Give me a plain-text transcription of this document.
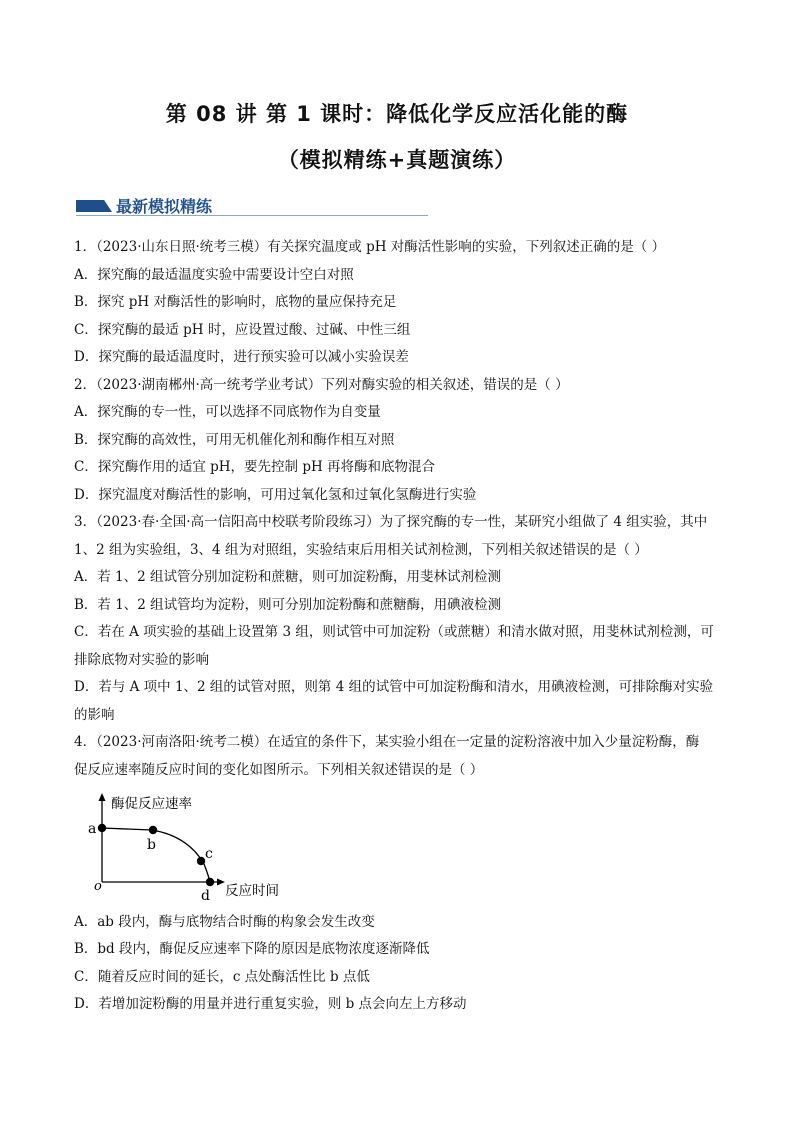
第 08 讲 第 1 课时：降低化学反应活化能的酶
（模拟精练+真题演练）
最新模拟精练
1．（2023·山东日照·统考三模）有关探究温度或 pH 对酶活性影响的实验，下列叙述正确的是（ ）
A．探究酶的最适温度实验中需要设计空白对照
B．探究 pH 对酶活性的影响时，底物的量应保持充足
C．探究酶的最适 pH 时，应设置过酸、过碱、中性三组
D．探究酶的最适温度时，进行预实验可以减小实验误差
2．（2023·湖南郴州·高一统考学业考试）下列对酶实验的相关叙述，错误的是（ ）
A．探究酶的专一性，可以选择不同底物作为自变量
B．探究酶的高效性，可用无机催化剂和酶作相互对照
C．探究酶作用的适宜 pH，要先控制 pH 再将酶和底物混合
D．探究温度对酶活性的影响，可用过氧化氢和过氧化氢酶进行实验
3．（2023·春·全国·高一信阳高中校联考阶段练习）为了探究酶的专一性，某研究小组做了 4 组实验，其中
1、2 组为实验组，3、4 组为对照组，实验结束后用相关试剂检测，下列相关叙述错误的是（ ）
A．若 1、2 组试管分别加淀粉和蔗糖，则可加淀粉酶，用斐林试剂检测
B．若 1、2 组试管均为淀粉，则可分别加淀粉酶和蔗糖酶，用碘液检测
C．若在 A 项实验的基础上设置第 3 组，则试管中可加淀粉（或蔗糖）和清水做对照，用斐林试剂检测，可
排除底物对实验的影响
D．若与 A 项中 1、2 组的试管对照，则第 4 组的试管中可加淀粉酶和清水，用碘液检测，可排除酶对实验
的影响
4．（2023·河南洛阳·统考二模）在适宜的条件下，某实验小组在一定量的淀粉溶液中加入少量淀粉酶，酶
促反应速率随反应时间的变化如图所示。下列相关叙述错误的是（ ）
酶促反应速率
反应时间
o
a
b
c
d
A．ab 段内，酶与底物结合时酶的构象会发生改变
B．bd 段内，酶促反应速率下降的原因是底物浓度逐渐降低
C．随着反应时间的延长，c 点处酶活性比 b 点低
D．若增加淀粉酶的用量并进行重复实验，则 b 点会向左上方移动
